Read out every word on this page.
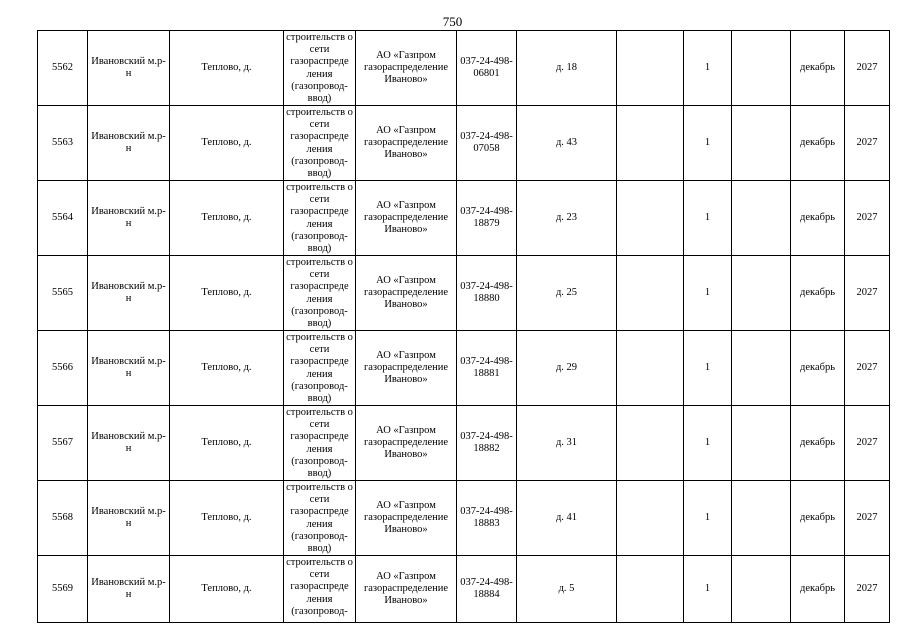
750
5562	Ивановский м.р-н	Теплово, д.	строительств о сети газораспреде ления (газопровод-ввод)	АО «Газпром газораспределение Иваново»	037-24-498-06801	д. 18		1		декабрь	2027
5563	Ивановский м.р-н	Теплово, д.	строительств о сети газораспреде ления (газопровод-ввод)	АО «Газпром газораспределение Иваново»	037-24-498-07058	д. 43		1		декабрь	2027
5564	Ивановский м.р-н	Теплово, д.	строительств о сети газораспреде ления (газопровод-ввод)	АО «Газпром газораспределение Иваново»	037-24-498-18879	д. 23		1		декабрь	2027
5565	Ивановский м.р-н	Теплово, д.	строительств о сети газораспреде ления (газопровод-ввод)	АО «Газпром газораспределение Иваново»	037-24-498-18880	д. 25		1		декабрь	2027
5566	Ивановский м.р-н	Теплово, д.	строительств о сети газораспреде ления (газопровод-ввод)	АО «Газпром газораспределение Иваново»	037-24-498-18881	д. 29		1		декабрь	2027
5567	Ивановский м.р-н	Теплово, д.	строительств о сети газораспреде ления (газопровод-ввод)	АО «Газпром газораспределение Иваново»	037-24-498-18882	д. 31		1		декабрь	2027
5568	Ивановский м.р-н	Теплово, д.	строительств о сети газораспреде ления (газопровод-ввод)	АО «Газпром газораспределение Иваново»	037-24-498-18883	д. 41		1		декабрь	2027
5569	Ивановский м.р-н	Теплово, д.	строительств о сети газораспреде ления (газопровод-	АО «Газпром газораспределение Иваново»	037-24-498-18884	д. 5		1		декабрь	2027
